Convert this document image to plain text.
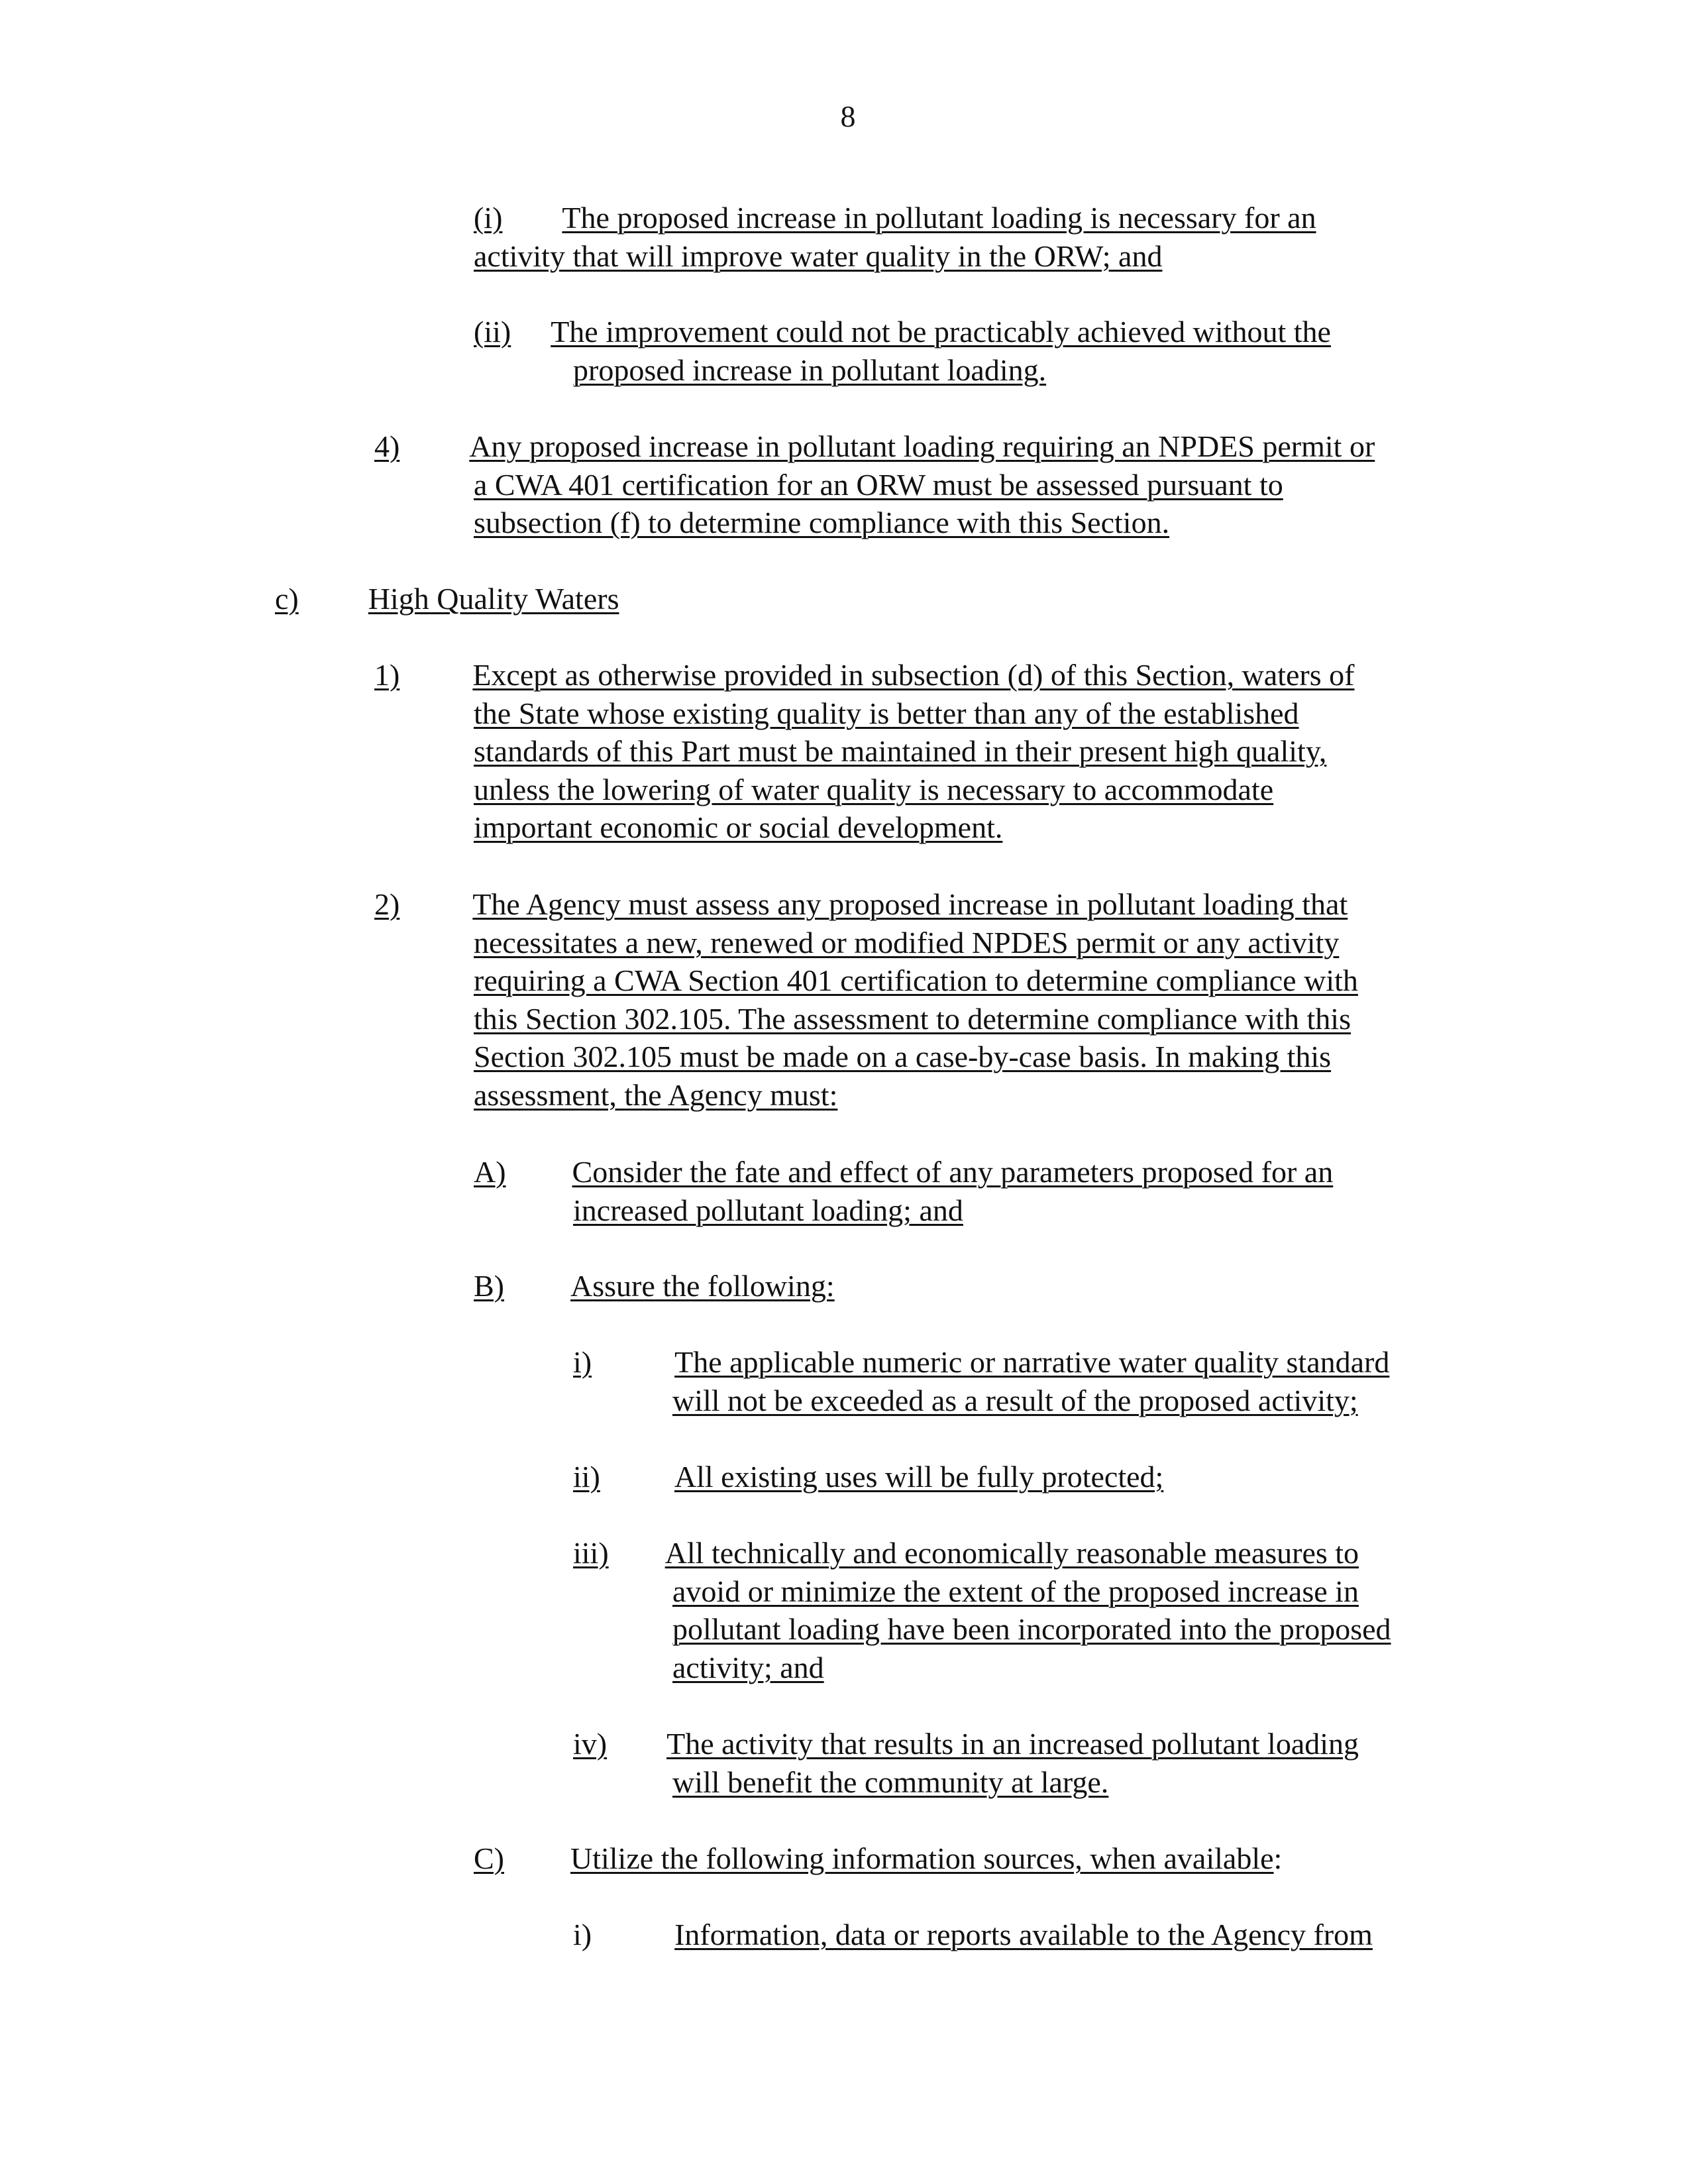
8
(i) The proposed increase in pollutant loading is necessary for an
activity that will improve water quality in the ORW; and
(ii) The improvement could not be practicably achieved without the
proposed increase in pollutant loading.
4) Any proposed increase in pollutant loading requiring an NPDES permit or
a CWA 401 certification for an ORW must be assessed pursuant to
subsection (f) to determine compliance with this Section.
c) High Quality Waters
1) Except as otherwise provided in subsection (d) of this Section, waters of
the State whose existing quality is better than any of the established
standards of this Part must be maintained in their present high quality,
unless the lowering of water quality is necessary to accommodate
important economic or social development.
2) The Agency must assess any proposed increase in pollutant loading that
necessitates a new, renewed or modified NPDES permit or any activity
requiring a CWA Section 401 certification to determine compliance with
this Section 302.105. The assessment to determine compliance with this
Section 302.105 must be made on a case-by-case basis. In making this
assessment, the Agency must:
A) Consider the fate and effect of any parameters proposed for an
increased pollutant loading; and
B) Assure the following:
i)	The applicable numeric or narrative water quality standard
will not be exceeded as a result of the proposed activity;
ii) All existing uses will be fully protected;
iii) All technically and economically reasonable measures to
avoid or minimize the extent of the proposed increase in
pollutant loading have been incorporated into the proposed
activity; and
iv) The activity that results in an increased pollutant loading
will benefit the community at large.
C) Utilize the following information sources, when available:
i)	Information, data or reports available to the Agency from
